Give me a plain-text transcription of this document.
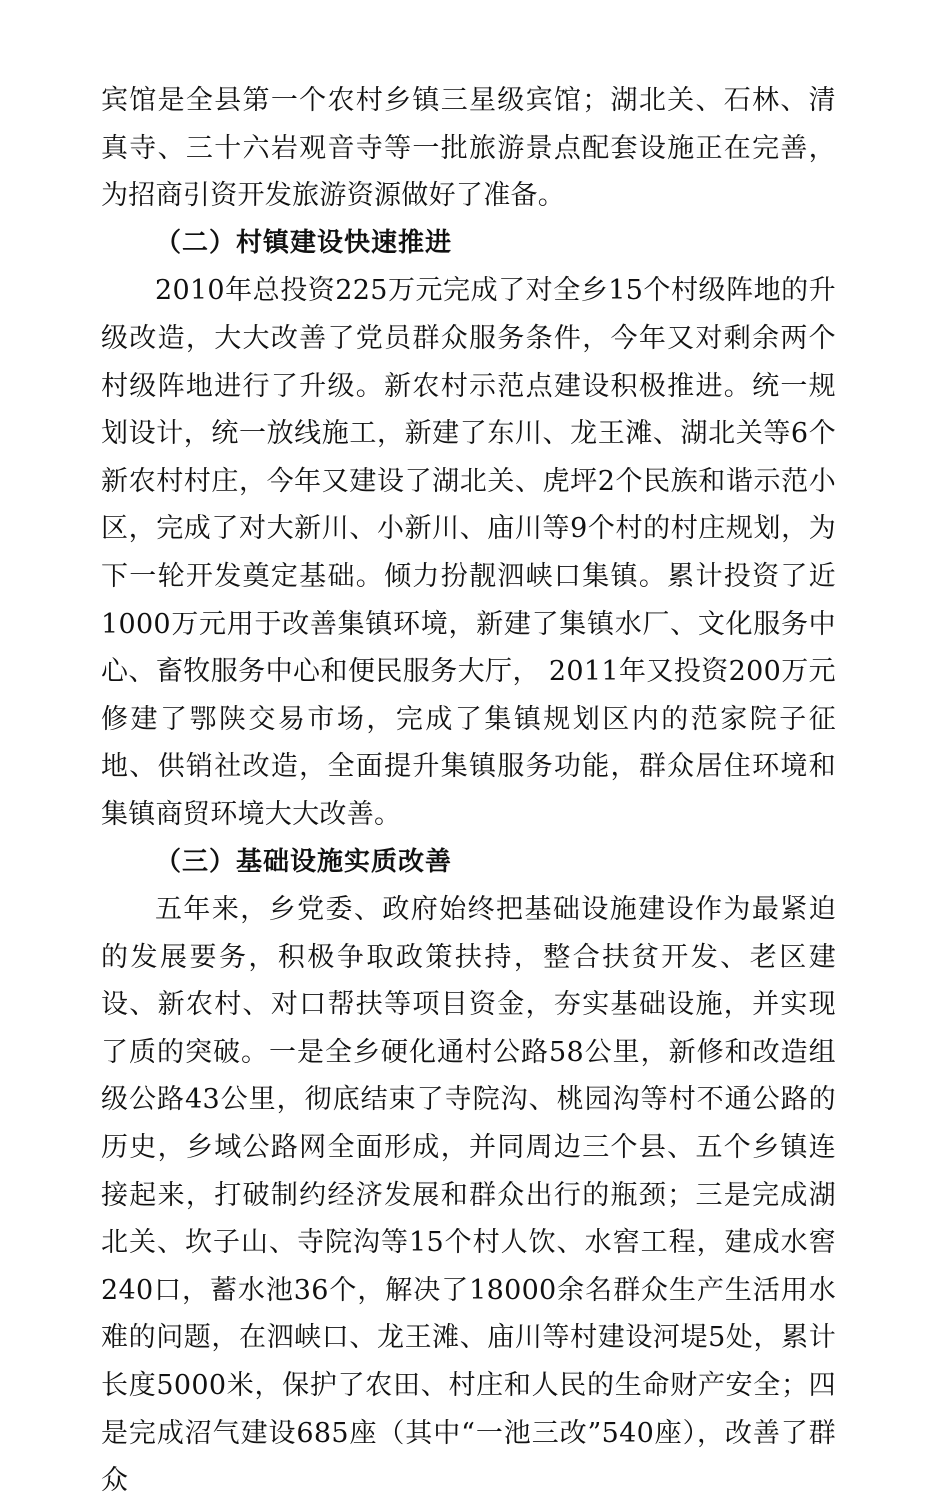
宾馆是全县第一个农村乡镇三星级宾馆；湖北关、石林、清真寺、三十六岩观音寺等一批旅游景点配套设施正在完善，为招商引资开发旅游资源做好了准备。

（二）村镇建设快速推进

2010年总投资225万元完成了对全乡15个村级阵地的升级改造，大大改善了党员群众服务条件，今年又对剩余两个村级阵地进行了升级。新农村示范点建设积极推进。统一规划设计，统一放线施工，新建了东川、龙王滩、湖北关等6个新农村村庄，今年又建设了湖北关、虎坪2个民族和谐示范小区，完成了对大新川、小新川、庙川等9个村的村庄规划，为下一轮开发奠定基础。倾力扮靓泗峡口集镇。累计投资了近1000万元用于改善集镇环境，新建了集镇水厂、文化服务中心、畜牧服务中心和便民服务大厅， 2011年又投资200万元修建了鄂陕交易市场，完成了集镇规划区内的范家院子征地、供销社改造，全面提升集镇服务功能，群众居住环境和集镇商贸环境大大改善。

（三）基础设施实质改善

五年来，乡党委、政府始终把基础设施建设作为最紧迫的发展要务，积极争取政策扶持，整合扶贫开发、老区建设、新农村、对口帮扶等项目资金，夯实基础设施，并实现了质的突破。一是全乡硬化通村公路58公里，新修和改造组级公路43公里，彻底结束了寺院沟、桃园沟等村不通公路的历史，乡域公路网全面形成，并同周边三个县、五个乡镇连接起来，打破制约经济发展和群众出行的瓶颈；三是完成湖北关、坎子山、寺院沟等15个村人饮、水窖工程，建成水窖240口，蓄水池36个，解决了18000余名群众生产生活用水难的问题，在泗峡口、龙王滩、庙川等村建设河堤5处，累计长度5000米，保护了农田、村庄和人民的生命财产安全；四是完成沼气建设685座（其中“一池三改”540座），改善了群众
